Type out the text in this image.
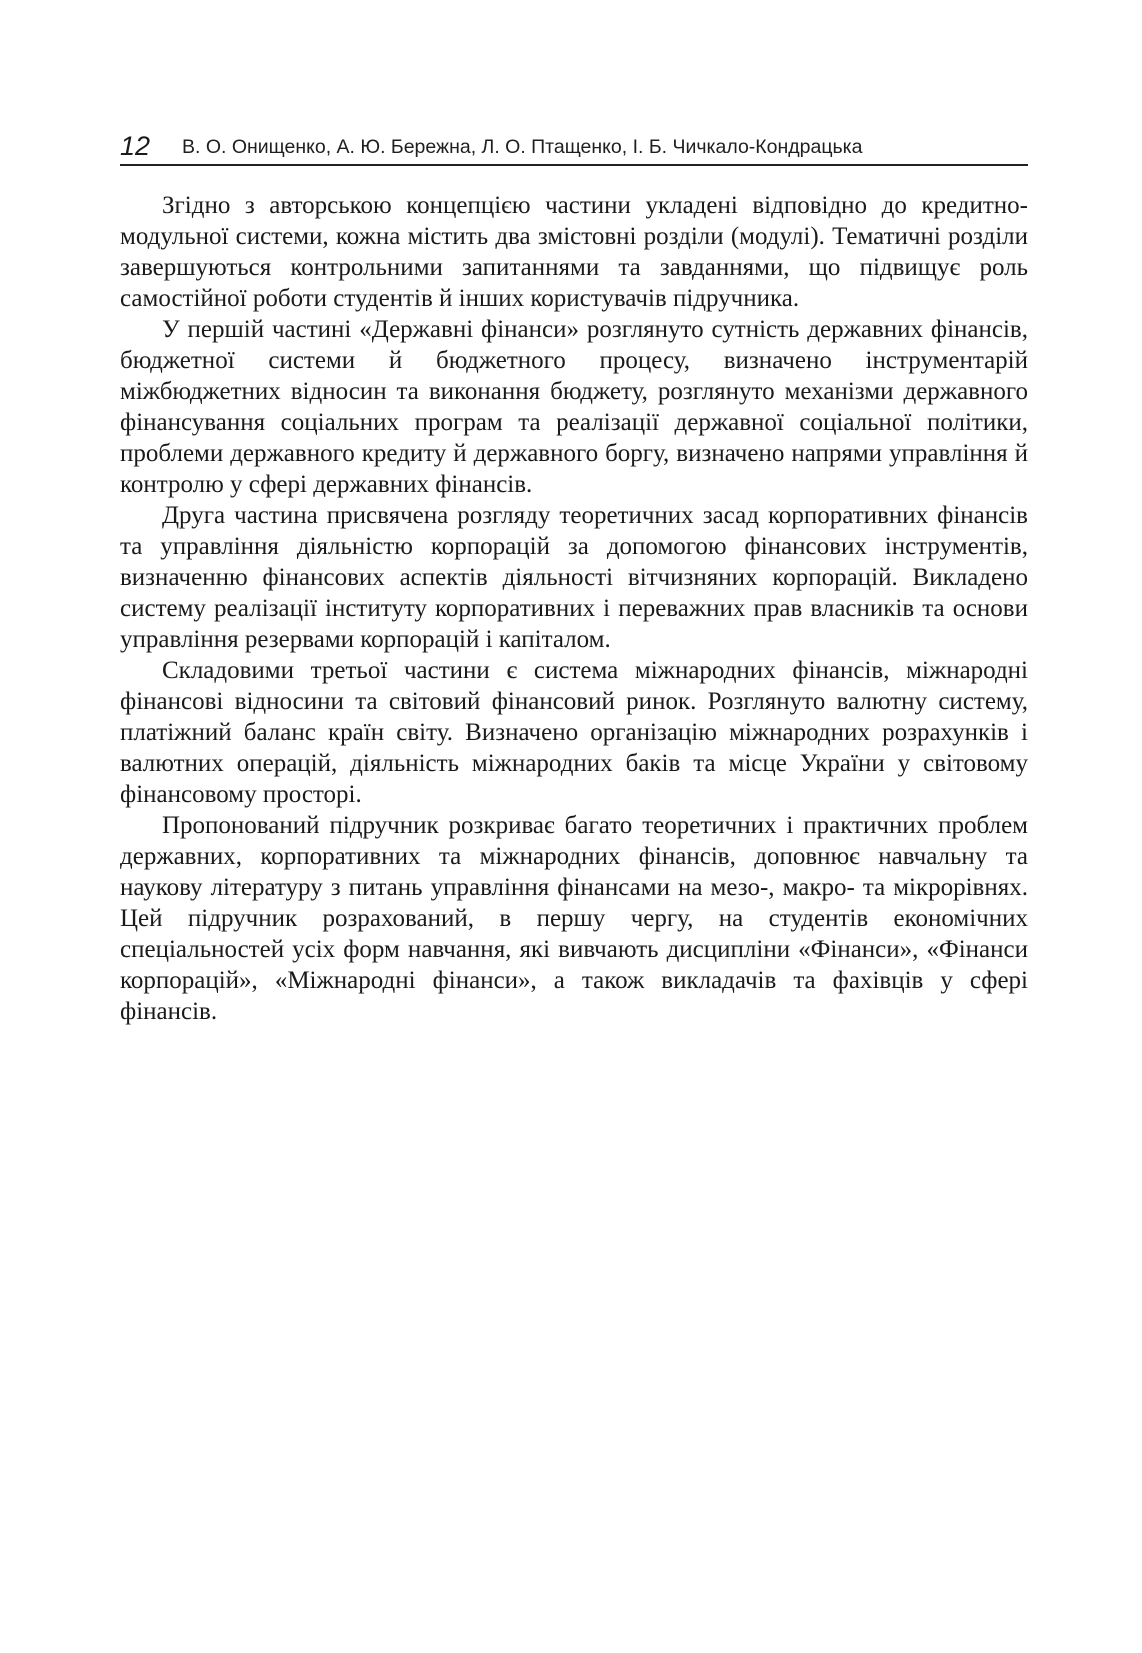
12	В. О. Онищенко, А. Ю. Бережна, Л. О. Птащенко, І. Б. Чичкало-Кондрацька

Згідно з авторською концепцією частини укладені відповідно до кредитно-модульної системи, кожна містить два змістовні розділи (модулі). Тематичні розділи завершуються контрольними запитаннями та завданнями, що підвищує роль самостійної роботи студентів й інших користувачів підручника.

У першій частині «Державні фінанси» розглянуто сутність державних фінансів, бюджетної системи й бюджетного процесу, визначено інструментарій міжбюджетних відносин та виконання бюджету, розглянуто механізми державного фінансування соціальних програм та реалізації державної соціальної політики, проблеми державного кредиту й державного боргу, визначено напрями управління й контролю у сфері державних фінансів.

Друга частина присвячена розгляду теоретичних засад корпоративних фінансів та управління діяльністю корпорацій за допомогою фінансових інструментів, визначенню фінансових аспектів діяльності вітчизняних корпорацій. Викладено систему реалізації інституту корпоративних і переважних прав власників та основи управління резервами корпорацій і капіталом.

Складовими третьої частини є система міжнародних фінансів, міжнародні фінансові відносини та світовий фінансовий ринок. Розглянуто валютну систему, платіжний баланс країн світу. Визначено організацію міжнародних розрахунків і валютних операцій, діяльність міжнародних баків та місце України у світовому фінансовому просторі.

Пропонований підручник розкриває багато теоретичних і практичних проблем державних, корпоративних та міжнародних фінансів, доповнює навчальну та наукову літературу з питань управління фінансами на мезо-, макро- та мікрорівнях. Цей підручник розрахований, в першу чергу, на студентів економічних спеціальностей усіх форм навчання, які вивчають дисципліни «Фінанси», «Фінанси корпорацій», «Міжнародні фінанси», а також викладачів та фахівців у сфері фінансів.
